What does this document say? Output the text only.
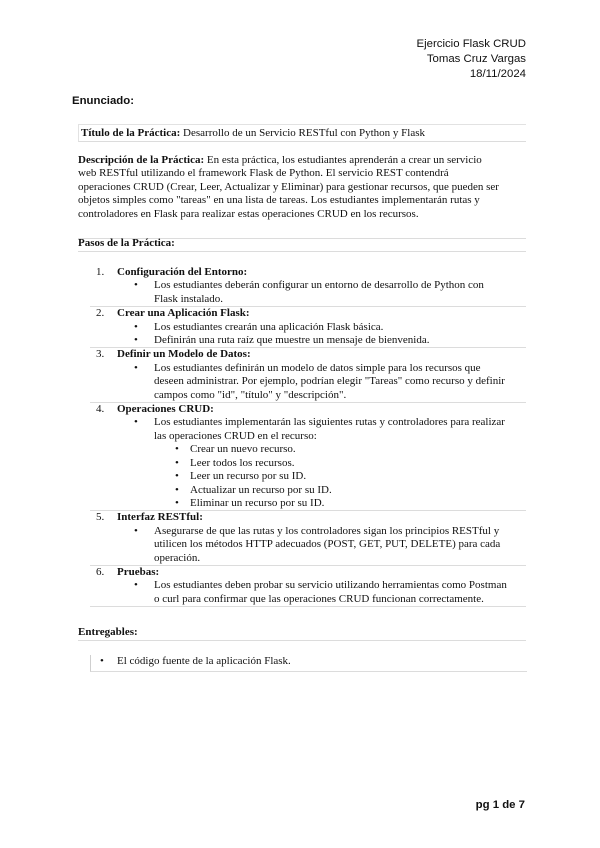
Ejercicio Flask CRUD
Tomas Cruz Vargas
18/11/2024
Enunciado:
Título de la Práctica: Desarrollo de un Servicio RESTful con Python y Flask
Descripción de la Práctica: En esta práctica, los estudiantes aprenderán a crear un servicio
web RESTful utilizando el framework Flask de Python. El servicio REST contendrá
operaciones CRUD (Crear, Leer, Actualizar y Eliminar) para gestionar recursos, que pueden ser
objetos simples como "tareas" en una lista de tareas. Los estudiantes implementarán rutas y
controladores en Flask para realizar estas operaciones CRUD en los recursos.
Pasos de la Práctica:
1.	Configuración del Entorno:
• Los estudiantes deberán configurar un entorno de desarrollo de Python con
Flask instalado.
2.	Crear una Aplicación Flask:
• Los estudiantes crearán una aplicación Flask básica.
• Definirán una ruta raíz que muestre un mensaje de bienvenida.
3.	Definir un Modelo de Datos:
• Los estudiantes definirán un modelo de datos simple para los recursos que
deseen administrar. Por ejemplo, podrían elegir "Tareas" como recurso y definir
campos como "id", "título" y "descripción".
4.	Operaciones CRUD:
• Los estudiantes implementarán las siguientes rutas y controladores para realizar
las operaciones CRUD en el recurso:
• Crear un nuevo recurso.
• Leer todos los recursos.
• Leer un recurso por su ID.
• Actualizar un recurso por su ID.
• Eliminar un recurso por su ID.
5.	Interfaz RESTful:
• Asegurarse de que las rutas y los controladores sigan los principios RESTful y
utilicen los métodos HTTP adecuados (POST, GET, PUT, DELETE) para cada
operación.
6.	Pruebas:
• Los estudiantes deben probar su servicio utilizando herramientas como Postman
o curl para confirmar que las operaciones CRUD funcionan correctamente.
Entregables:
• El código fuente de la aplicación Flask.
pg 1 de 7
